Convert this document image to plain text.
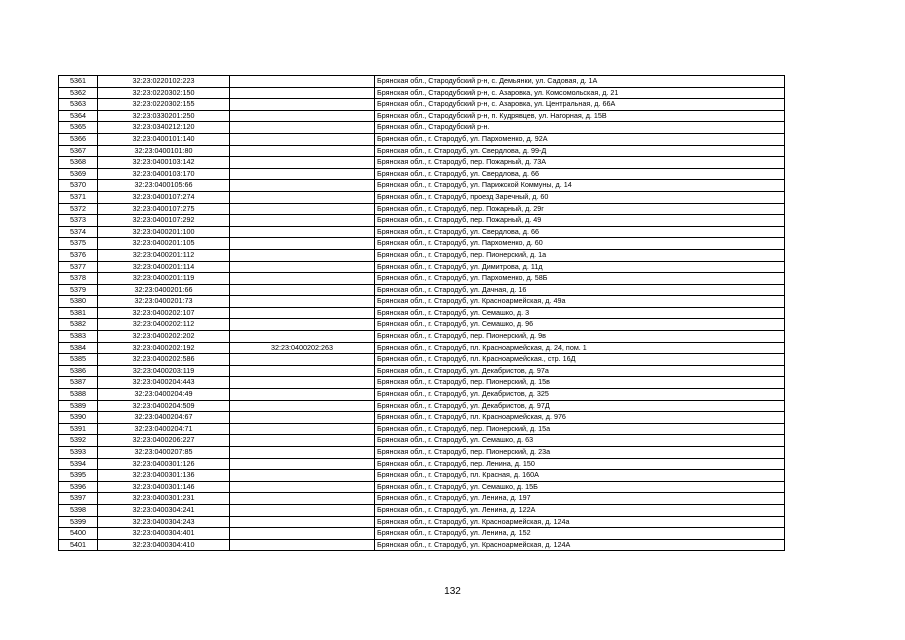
5361	32:23:0220102:223		Брянская обл., Стародубский р-н, с. Демьянки, ул. Садовая, д. 1А
5362	32:23:0220302:150		Брянская обл., Стародубский р-н, с. Азаровка, ул. Комсомольская, д. 21
5363	32:23:0220302:155		Брянская обл., Стародубский р-н, с. Азаровка, ул. Центральная, д. 66А
5364	32:23:0330201:250		Брянская обл., Стародубский р-н, п. Кудрявцев, ул. Нагорная, д. 15В
5365	32:23:0340212:120		Брянская обл., Стародубский р-н.
5366	32:23:0400101:140		Брянская обл., г. Стародуб, ул. Пархоменко, д. 92А
5367	32:23:0400101:80		Брянская обл., г. Стародуб, ул. Свердлова, д. 99-Д
5368	32:23:0400103:142		Брянская обл., г. Стародуб, пер. Пожарный, д. 73А
5369	32:23:0400103:170		Брянская обл., г. Стародуб, ул. Свердлова, д. 66
5370	32:23:0400105:66		Брянская обл., г. Стародуб, ул. Парижской Коммуны, д. 14
5371	32:23:0400107:274		Брянская обл., г. Стародуб, проезд Заречный, д. 60
5372	32:23:0400107:275		Брянская обл., г. Стародуб, пер. Пожарный, д. 29г
5373	32:23:0400107:292		Брянская обл., г. Стародуб, пер. Пожарный, д. 49
5374	32:23:0400201:100		Брянская обл., г. Стародуб, ул. Свердлова, д. 66
5375	32:23:0400201:105		Брянская обл., г. Стародуб, ул. Пархоменко, д. 60
5376	32:23:0400201:112		Брянская обл., г. Стародуб, пер. Пионерский, д. 1а
5377	32:23:0400201:114		Брянская обл., г. Стародуб, ул. Димитрова, д. 11д
5378	32:23:0400201:119		Брянская обл., г. Стародуб, ул. Пархоменко, д. 58Б
5379	32:23:0400201:66		Брянская обл., г. Стародуб, ул. Дачная, д. 16
5380	32:23:0400201:73		Брянская обл., г. Стародуб, ул. Красноармейская, д. 49а
5381	32:23:0400202:107		Брянская обл., г. Стародуб, ул. Семашко, д. 3
5382	32:23:0400202:112		Брянская обл., г. Стародуб, ул. Семашко, д. 96
5383	32:23:0400202:202		Брянская обл., г. Стародуб, пер. Пионерский, д. 9в
5384	32:23:0400202:192	32:23:0400202:263	Брянская обл., г. Стародуб, пл. Красноармейская, д. 24, пом. 1
5385	32:23:0400202:586		Брянская обл., г. Стародуб, пл. Красноармейская., стр. 16Д
5386	32:23:0400203:119		Брянская обл., г. Стародуб, ул. Декабристов, д. 97а
5387	32:23:0400204:443		Брянская обл., г. Стародуб, пер. Пионерский, д. 15в
5388	32:23:0400204:49		Брянская обл., г. Стародуб, ул. Декабристов, д. 325
5389	32:23:0400204:509		Брянская обл., г. Стародуб, ул. Декабристов, д. 97Д
5390	32:23:0400204:67		Брянская обл., г. Стародуб, пл. Красноармейская, д. 976
5391	32:23:0400204:71		Брянская обл., г. Стародуб, пер. Пионерский, д. 15а
5392	32:23:0400206:227		Брянская обл., г. Стародуб, ул. Семашко, д. 63
5393	32:23:0400207:85		Брянская обл., г. Стародуб, пер. Пионерский, д. 23а
5394	32:23:0400301:126		Брянская обл., г. Стародуб, пер. Ленина, д. 150
5395	32:23:0400301:136		Брянская обл., г. Стародуб, пл. Красная, д. 160А
5396	32:23:0400301:146		Брянская обл., г. Стародуб, ул. Семашко, д. 15Б
5397	32:23:0400301:231		Брянская обл., г. Стародуб, ул. Ленина, д. 197
5398	32:23:0400304:241		Брянская обл., г. Стародуб, ул. Ленина, д. 122А
5399	32:23:0400304:243		Брянская обл., г. Стародуб, ул. Красноармейская, д. 124а
5400	32:23:0400304:401		Брянская обл., г. Стародуб, ул. Ленина, д. 152
5401	32:23:0400304:410		Брянская обл., г. Стародуб, ул. Красноармейская, д. 124А
132
